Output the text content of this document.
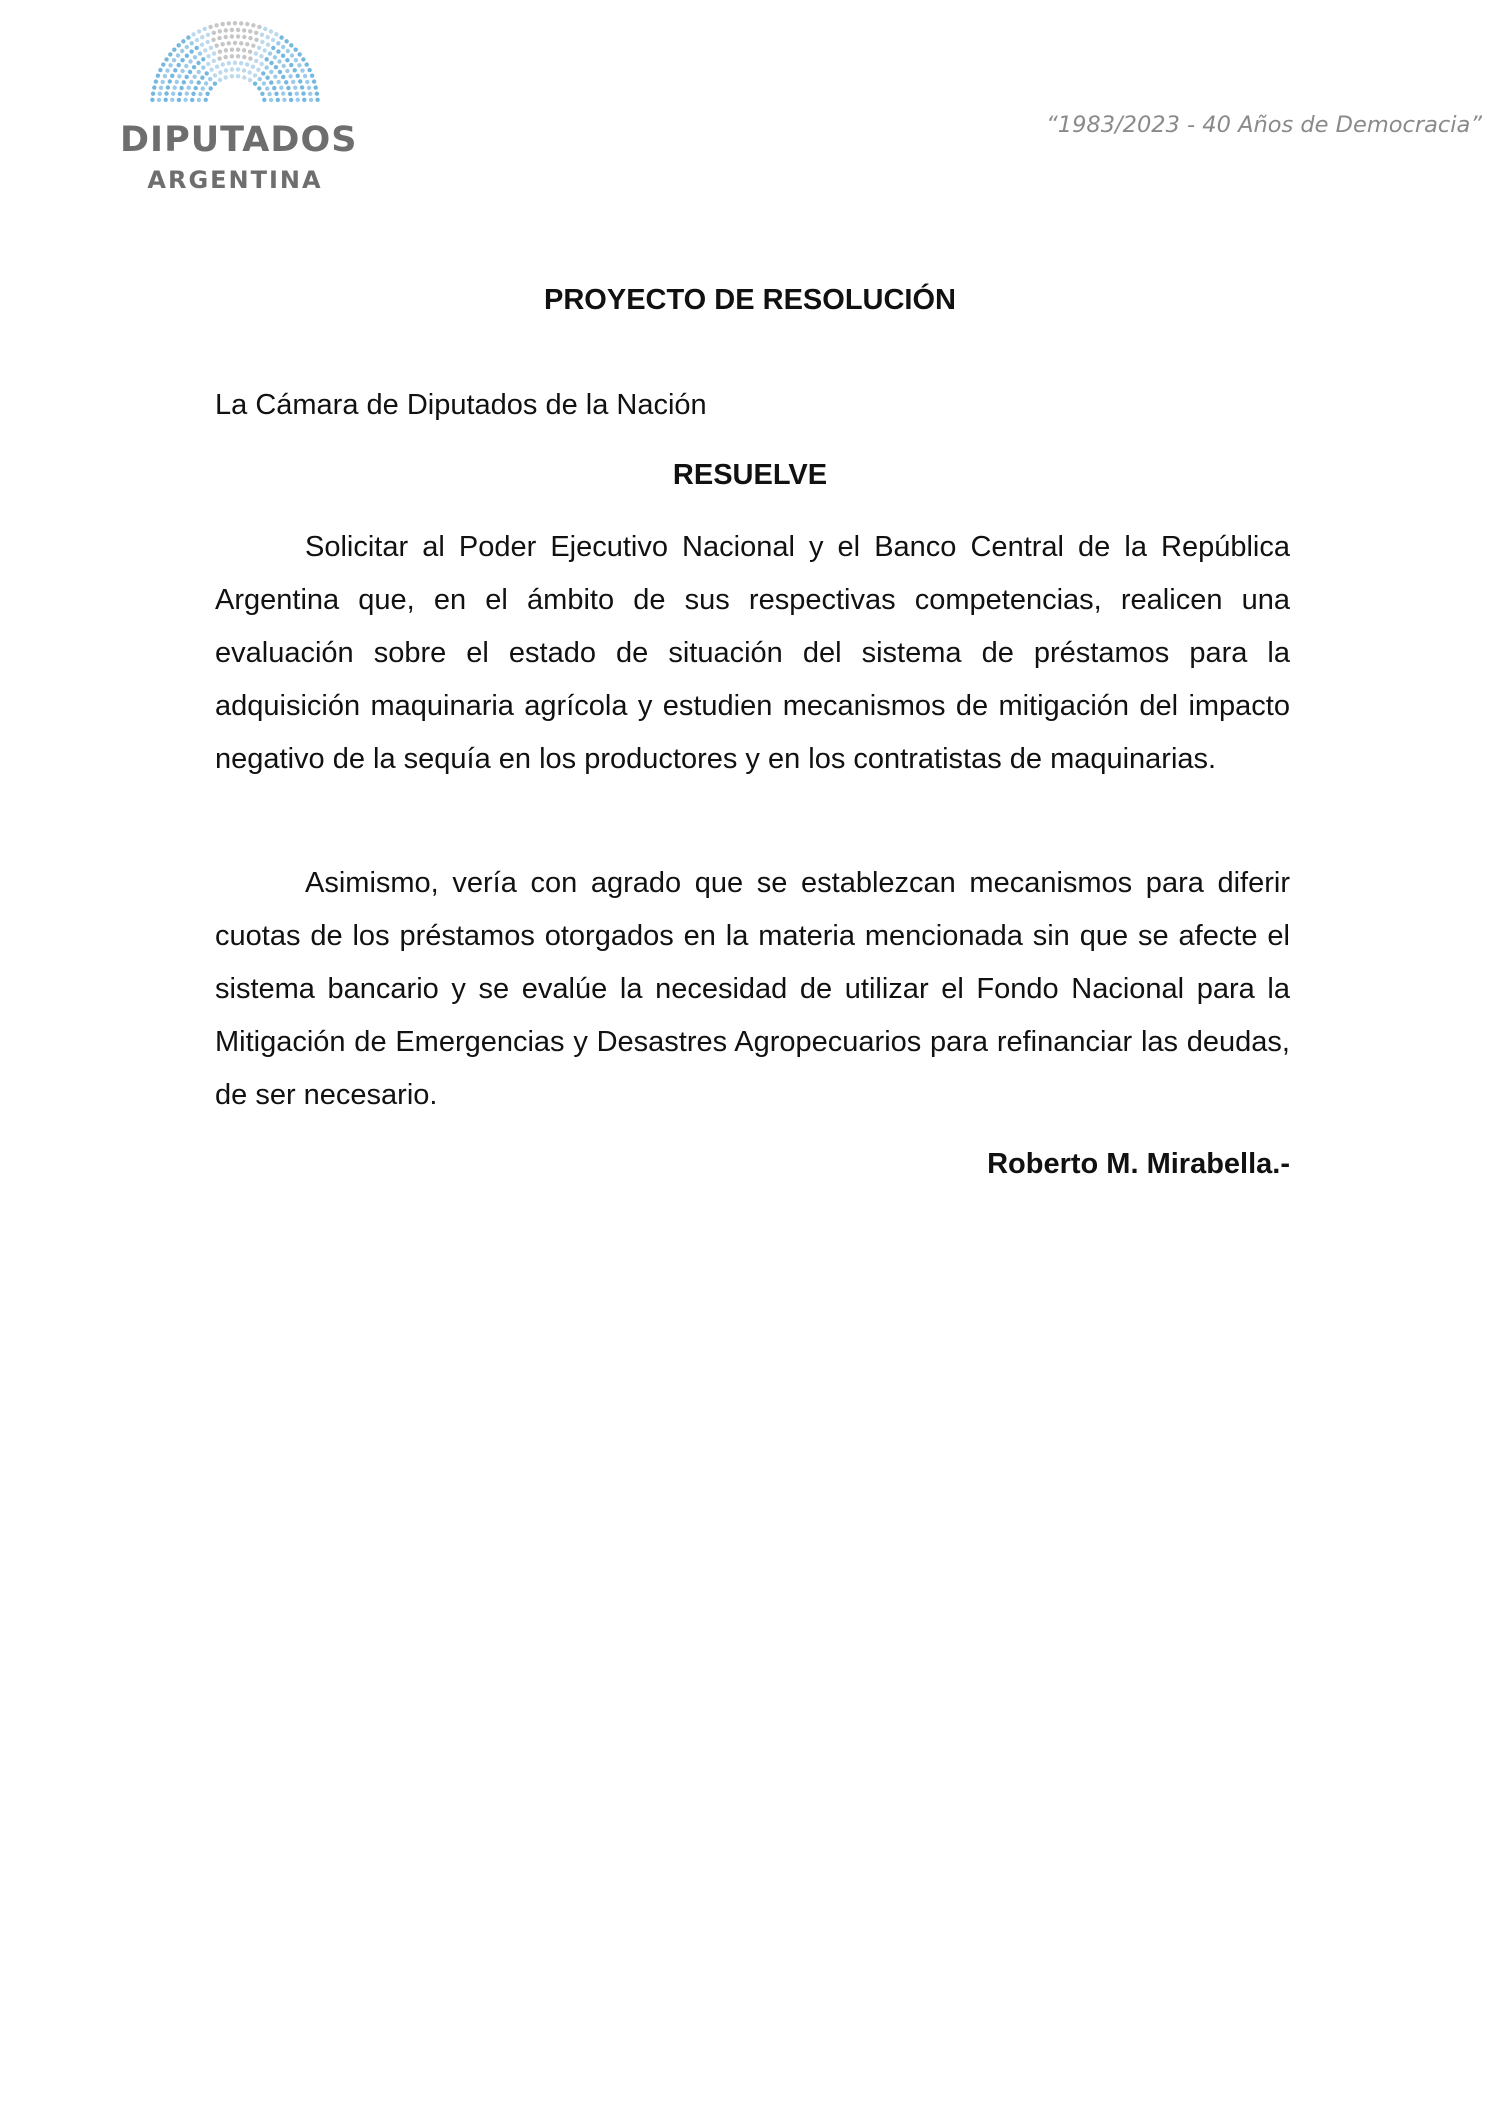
DIPUTADOS
ARGENTINA
“1983/2023 - 40 Años de Democracia”
PROYECTO DE RESOLUCIÓN
La Cámara de Diputados de la Nación
RESUELVE

Solicitar al Poder Ejecutivo Nacional y el Banco Central de la República Argentina que, en el ámbito de sus respectivas competencias, realicen una evaluación sobre el estado de situación del sistema de préstamos para la adquisición maquinaria agrícola y estudien mecanismos de mitigación del impacto negativo de la sequía en los productores y en los contratistas de maquinarias.

Asimismo, vería con agrado que se establezcan mecanismos para diferir cuotas de los préstamos otorgados en la materia mencionada sin que se afecte el sistema bancario y se evalúe la necesidad de utilizar el Fondo Nacional para la Mitigación de Emergencias y Desastres Agropecuarios para refinanciar las deudas, de ser necesario.

Roberto M. Mirabella.-
